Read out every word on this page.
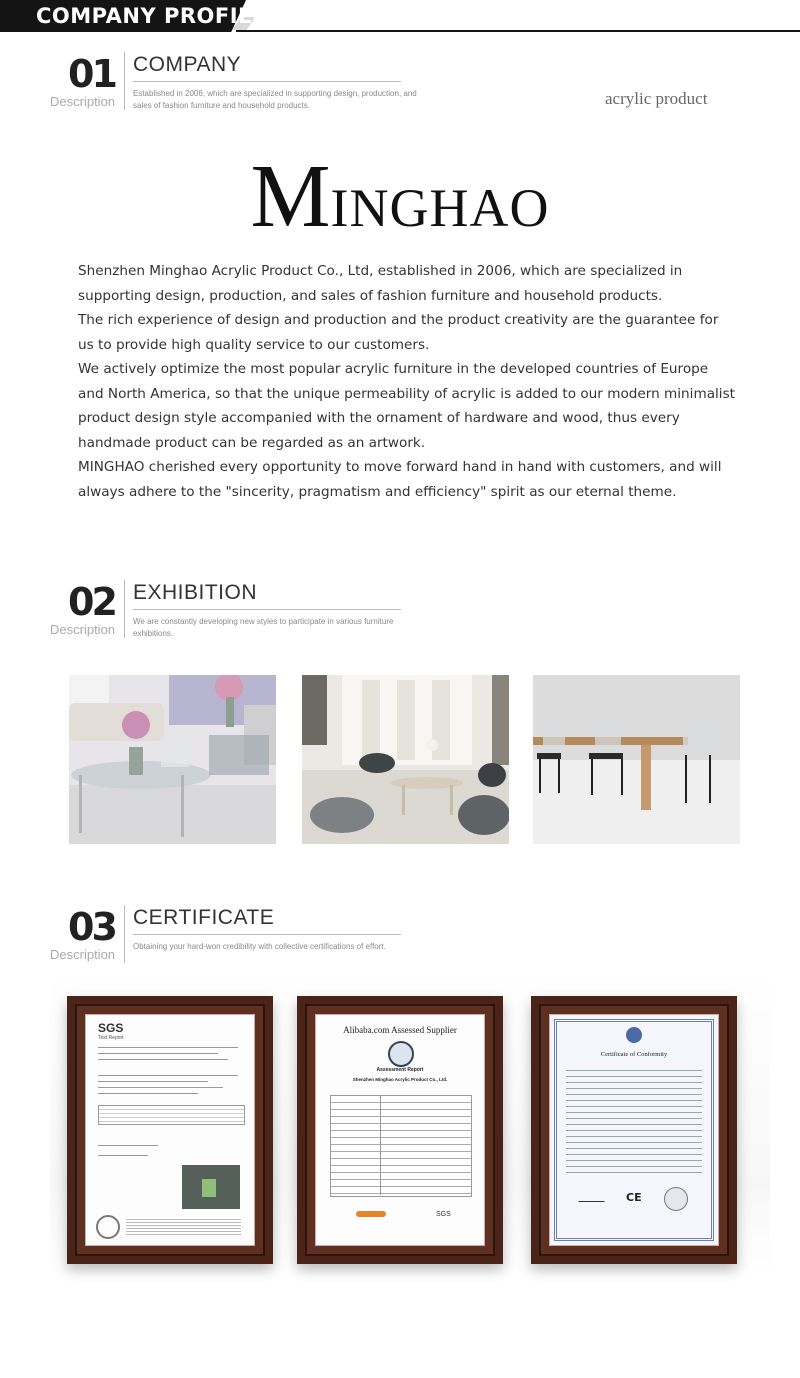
COMPANY PROFILE
01
Description
COMPANY
Established in 2006, which are specialized in supporting design, production, and sales of fashion furniture and household products.	acrylic product
MINGHAO

Shenzhen Minghao Acrylic Product Co., Ltd, established in 2006, which are specialized in supporting design, production, and sales of fashion furniture and household products.

The rich experience of design and production and the product creativity are the guarantee for us to provide high quality service to our customers.

We actively optimize the most popular acrylic furniture in the developed countries of Europe and North America, so that the unique permeability of acrylic is added to our modern minimalist product design style accompanied with the ornament of hardware and wood, thus every handmade product can be regarded as an artwork.

MINGHAO cherished every opportunity to move forward hand in hand with customers, and will always adhere to the "sincerity, pragmatism and efficiency" spirit as our eternal theme.

02
Description
EXHIBITION
We are constantly developing new styles to participate in various furniture exhibitions.
03
Description
CERTIFICATE
Obtaining your hard-won credibility with collective certifications of effort.
SGS
Test Report
Alibaba.com Assessed Supplier
Assessment Report
Shenzhen Minghao Acrylic Product Co., Ltd.
SGS
Certificate of Conformity
CE
